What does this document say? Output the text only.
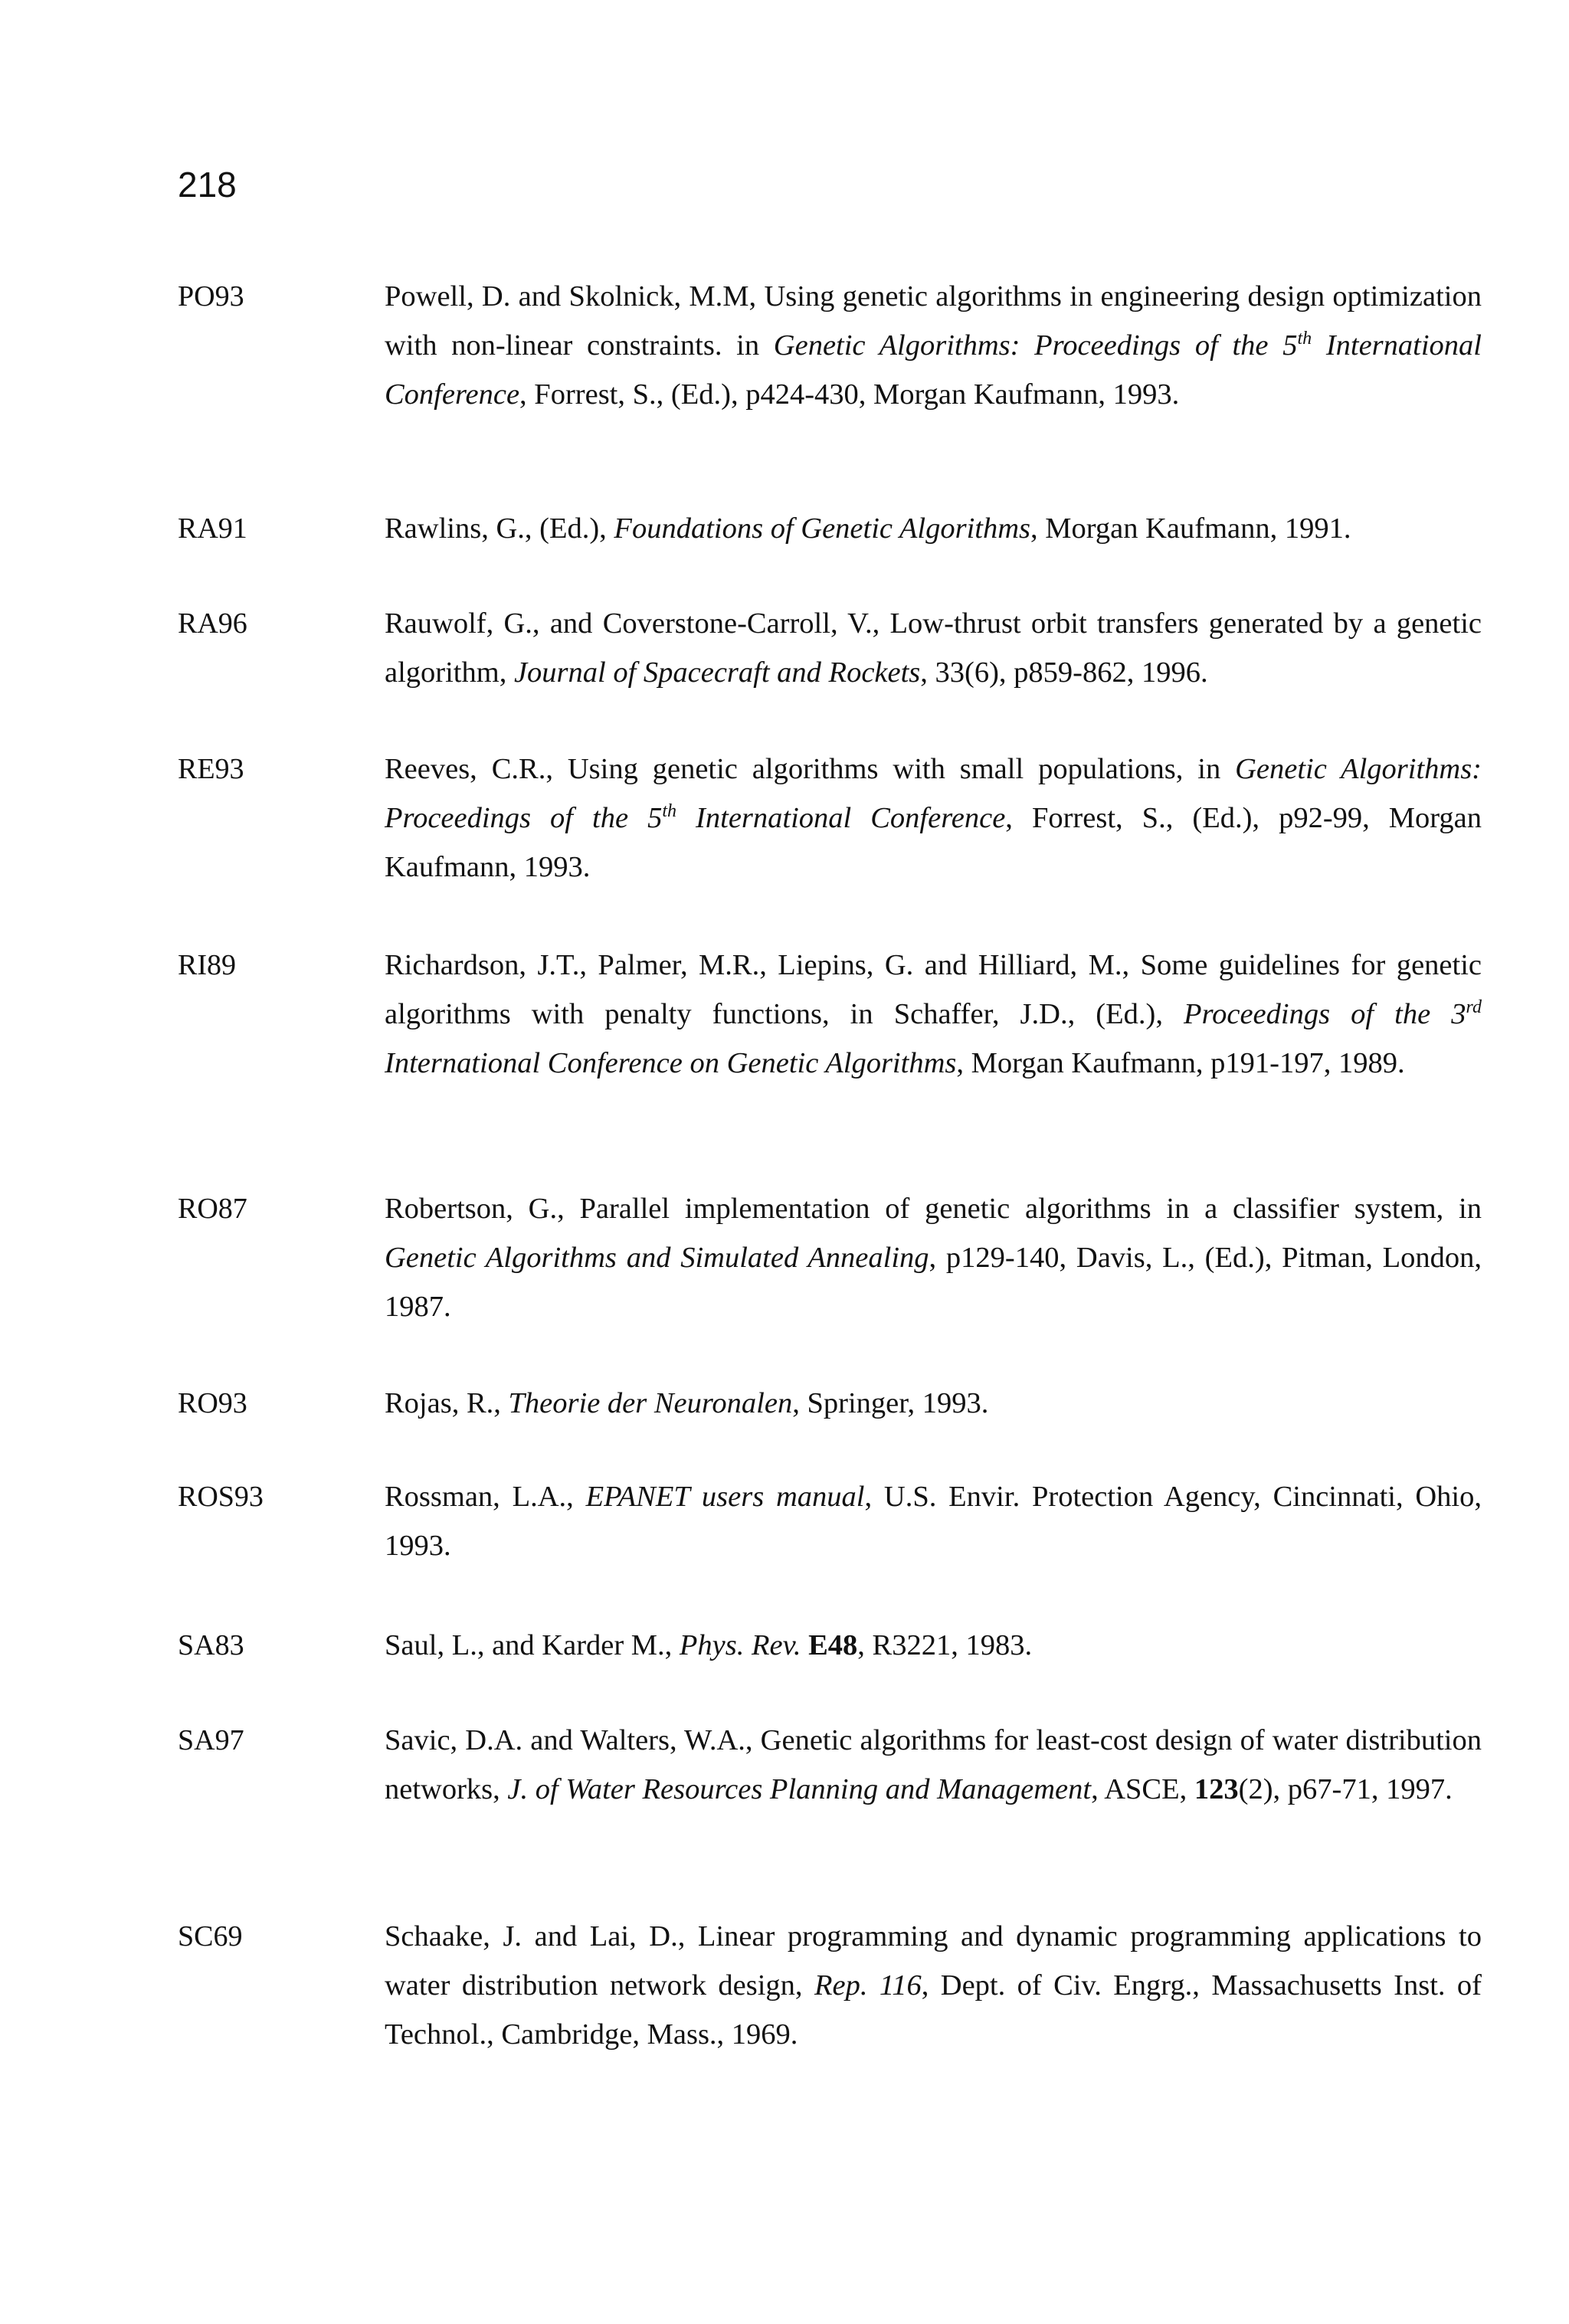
218
PO93	Powell, D. and Skolnick, M.M, Using genetic algorithms in engineering design optimization with non-linear constraints. in Genetic Algorithms: Proceedings of the 5th International Conference, Forrest, S., (Ed.), p424-430, Morgan Kaufmann, 1993.
RA91	Rawlins, G., (Ed.), Foundations of Genetic Algorithms, Morgan Kaufmann, 1991.
RA96	Rauwolf, G., and Coverstone-Carroll, V., Low-thrust orbit transfers generated by a genetic algorithm, Journal of Spacecraft and Rockets, 33(6), p859-862, 1996.
RE93	Reeves, C.R., Using genetic algorithms with small populations, in Genetic Algorithms: Proceedings of the 5th International Conference, Forrest, S., (Ed.), p92-99, Morgan Kaufmann, 1993.
RI89	Richardson, J.T., Palmer, M.R., Liepins, G. and Hilliard, M., Some guidelines for genetic algorithms with penalty functions, in Schaffer, J.D., (Ed.), Proceedings of the 3rd International Conference on Genetic Algorithms, Morgan Kaufmann, p191-197, 1989.
RO87	Robertson, G., Parallel implementation of genetic algorithms in a classifier system, in Genetic Algorithms and Simulated Annealing, p129-140, Davis, L., (Ed.), Pitman, London, 1987.
RO93	Rojas, R., Theorie der Neuronalen, Springer, 1993.
ROS93	Rossman, L.A., EPANET users manual, U.S. Envir. Protection Agency, Cincinnati, Ohio, 1993.
SA83	Saul, L., and Karder M., Phys. Rev. E48, R3221, 1983.
SA97	Savic, D.A. and Walters, W.A., Genetic algorithms for least-cost design of water distribution networks, J. of Water Resources Planning and Management, ASCE, 123(2), p67-71, 1997.
SC69	Schaake, J. and Lai, D., Linear programming and dynamic programming applications to water distribution network design, Rep. 116, Dept. of Civ. Engrg., Massachusetts Inst. of Technol., Cambridge, Mass., 1969.
